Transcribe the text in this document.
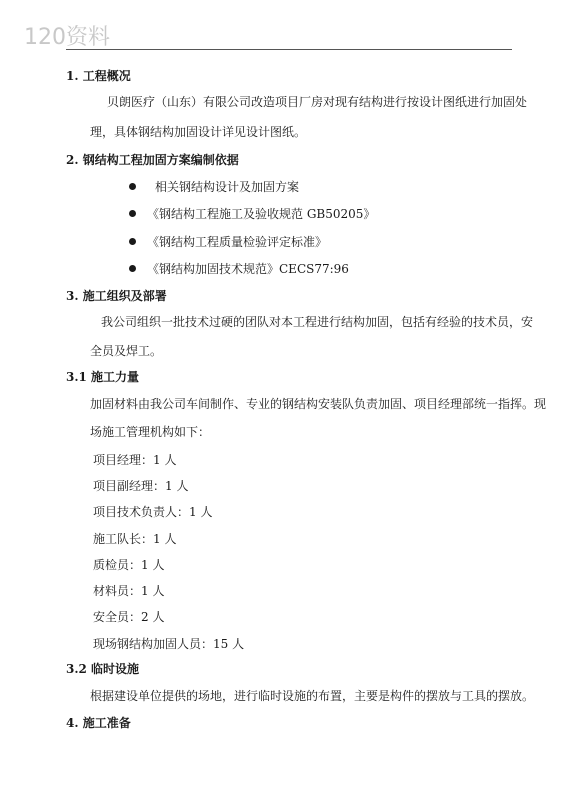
120资料
1. 工程概况
贝朗医疗（山东）有限公司改造项目厂房对现有结构进行按设计图纸进行加固处
理，具体钢结构加固设计详见设计图纸。
2. 钢结构工程加固方案编制依据
相关钢结构设计及加固方案
《钢结构工程施工及验收规范 GB50205》
《钢结构工程质量检验评定标准》
《钢结构加固技术规范》CECS77:96
3. 施工组织及部署
我公司组织一批技术过硬的团队对本工程进行结构加固，包括有经验的技术员，安
全员及焊工。
3.1 施工力量
加固材料由我公司车间制作、专业的钢结构安装队负责加固、项目经理部统一指挥。现
场施工管理机构如下：
项目经理：1 人
项目副经理：1 人
项目技术负责人：1 人
施工队长：1 人
质检员：1 人
材料员：1 人
安全员：2 人
现场钢结构加固人员：15 人
3.2 临时设施
根据建设单位提供的场地，进行临时设施的布置，主要是构件的摆放与工具的摆放。
4. 施工准备
